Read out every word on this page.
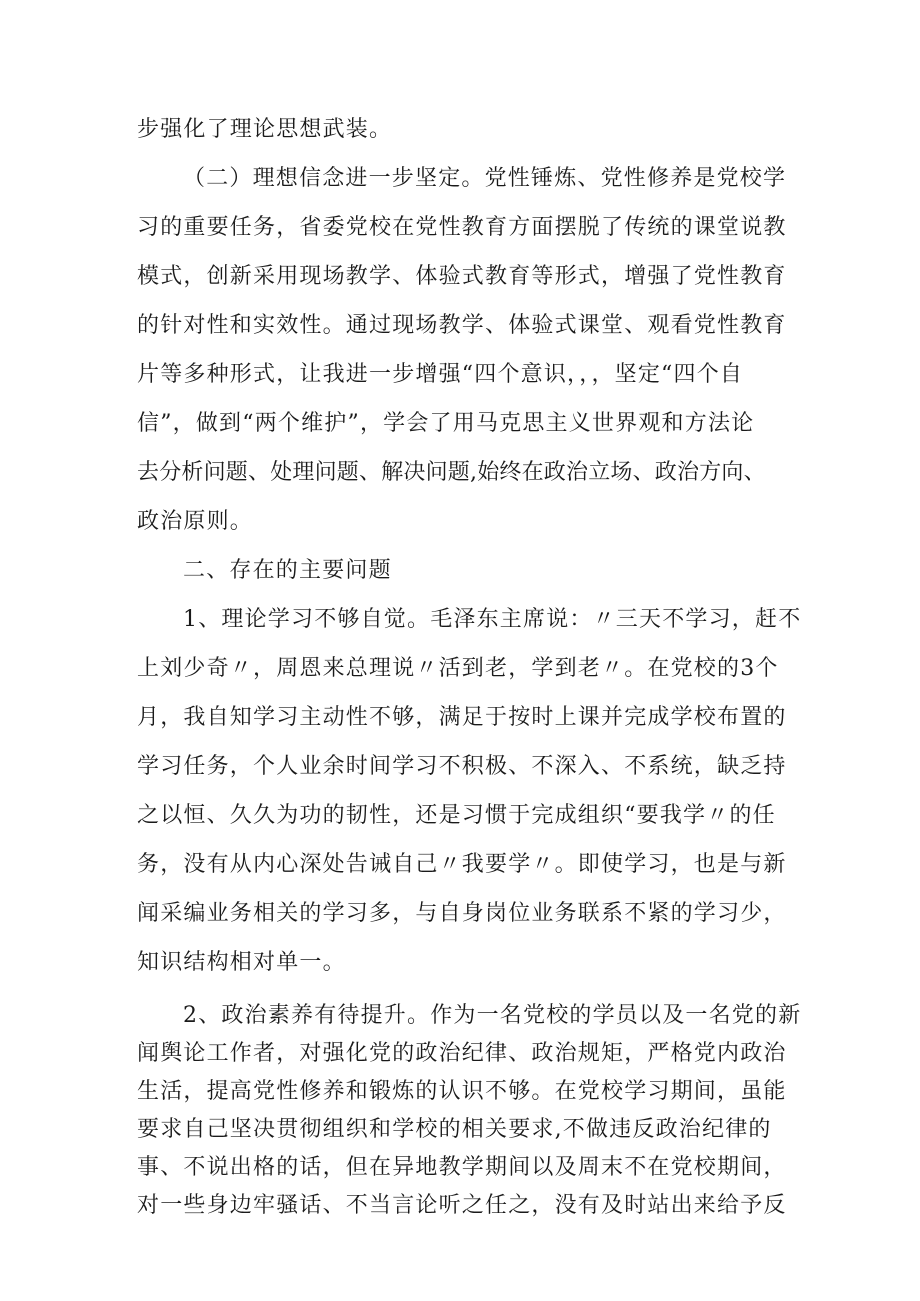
步强化了理论思想武装。
（二）理想信念进一步坚定。党性锤炼、党性修养是党校学
习的重要任务，省委党校在党性教育方面摆脱了传统的课堂说教
模式，创新采用现场教学、体验式教育等形式，增强了党性教育
的针对性和实效性。通过现场教学、体验式课堂、观看党性教育
片等多种形式，让我进一步增强“四个意识，，，坚定“四个自
信”，做到“两个维护”，学会了用马克思主义世界观和方法论
去分析问题、处理问题、解决问题,始终在政治立场、政治方向、
政治原则。
二、存在的主要问题
1、理论学习不够自觉。毛泽东主席说：〃三天不学习，赶不
上刘少奇〃，周恩来总理说〃活到老，学到老〃。在党校的3个
月，我自知学习主动性不够，满足于按时上课并完成学校布置的
学习任务，个人业余时间学习不积极、不深入、不系统，缺乏持
之以恒、久久为功的韧性，还是习惯于完成组织“要我学〃的任
务，没有从内心深处告诫自己〃我要学〃。即使学习，也是与新
闻采编业务相关的学习多，与自身岗位业务联系不紧的学习少，
知识结构相对单一。
2、政治素养有待提升。作为一名党校的学员以及一名党的新
闻舆论工作者，对强化党的政治纪律、政治规矩，严格党内政治
生活，提高党性修养和锻炼的认识不够。在党校学习期间，虽能
要求自己坚决贯彻组织和学校的相关要求,不做违反政治纪律的
事、不说出格的话，但在异地教学期间以及周末不在党校期间，
对一些身边牢骚话、不当言论听之任之，没有及时站出来给予反
